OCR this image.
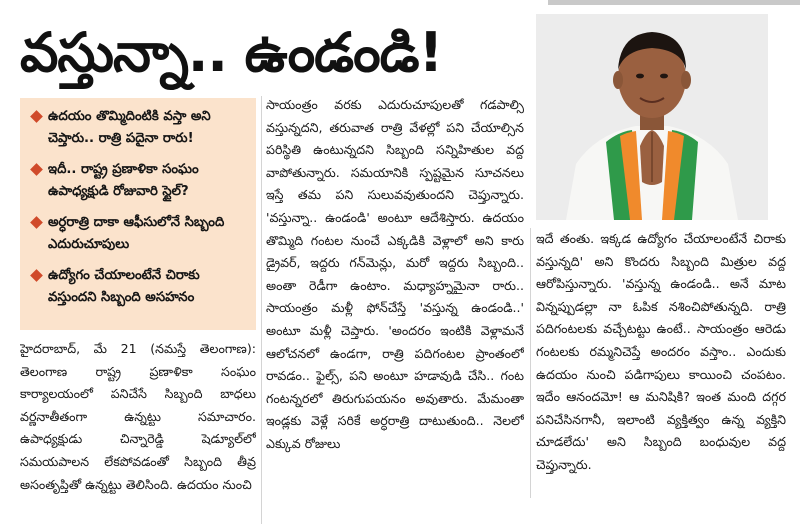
వస్తున్నా.. ఉండండి!
ఉదయం తొమ్మిదింటికి వస్తా అని చెప్తారు.. రాత్రి పదైనా రారు!
ఇదీ.. రాష్ట్ర ప్రణాళికా సంఘం ఉపాధ్యక్షుడి రోజువారి స్టైల్?
అర్ధరాత్రి దాకా ఆఫీసులోనే సిబ్బంది ఎదురుచూపులు
ఉద్యోగం చేయాలంటేనే చిరాకు వస్తుందని సిబ్బంది అసహనం

హైదరాబాద్, మే 21 (నమస్తే తెలంగాణ): తెలంగాణ రాష్ట్ర ప్రణాళికా సంఘం కార్యాలయంలో పనిచేసే సిబ్బంది బాధలు వర్ణనాతీతంగా ఉన్నట్టు సమాచారం. ఉపాధ్యక్షుడు చిన్నారెడ్డి షెడ్యూల్‌లో సమయపాలన లేకపోవడంతో సిబ్బంది తీవ్ర అసంతృప్తితో ఉన్నట్టు తెలిసింది. ఉదయం నుంచి

సాయంత్రం వరకు ఎదురుచూపులతో గడపాల్సి వస్తున్నదని, తరువాత రాత్రి వేళల్లో పని చేయాల్సిన పరిస్థితి ఉంటున్నదని సిబ్బంది సన్నిహితుల వద్ద వాపోతున్నారు. సమయానికి స్పష్టమైన సూచనలు ఇస్తే తమ పని సులువవుతుందని చెప్తున్నారు. 'వస్తున్నా.. ఉండండి' అంటూ ఆదేశిస్తారు. ఉదయం తొమ్మిది గంటల నుంచే ఎక్కడికి వెళ్లాలో అని కారు డ్రైవర్, ఇద్దరు గన్‌మెన్లు, మరో ఇద్దరు సిబ్బంది.. అంతా రెడీగా ఉంటాం. మధ్యాహ్నమైనా రారు.. సాయంత్రం మళ్లీ ఫోన్‌చేస్తే 'వస్తున్న ఉండండి..' అంటూ మళ్లీ చెప్తారు. 'అందరం ఇంటికి వెళ్లామనే ఆలోచనలో ఉండగా, రాత్రి పదిగంటల ప్రాంతంలో రావడం.. ఫైల్స్, పని అంటూ హడావుడి చేసి.. గంట గంటన్నరలో తిరుగుపయనం అవుతారు. మేమంతా ఇండ్లకు వెళ్లే సరికే అర్ధరాత్రి దాటుతుంది.. నెలలో ఎక్కువ రోజులు

ఇదే తంతు. ఇక్కడ ఉద్యోగం చేయాలంటేనే చిరాకు వస్తున్నది' అని కొందరు సిబ్బంది మిత్రుల వద్ద ఆరోపిస్తున్నారు. 'వస్తున్న ఉండండి.. అనే మాట విన్నప్పుడల్లా నా ఓపిక నశించిపోతున్నది. రాత్రి పదిగంటలకు వచ్చేటట్టు ఉంటే.. సాయంత్రం ఆరెడు గంటలకు రమ్మనిచెప్తే అందరం వస్తాం.. ఎందుకు ఉదయం నుంచి పడిగాపులు కాయించి చంపటం. ఇదేం ఆనందమో! ఆ మనిషికి? ఇంత మంది దగ్గర పనిచేసినగానీ, ఇలాంటి వ్యక్తిత్వం ఉన్న వ్యక్తిని చూడలేదు' అని సిబ్బంది బంధువుల వద్ద చెప్తున్నారు.
